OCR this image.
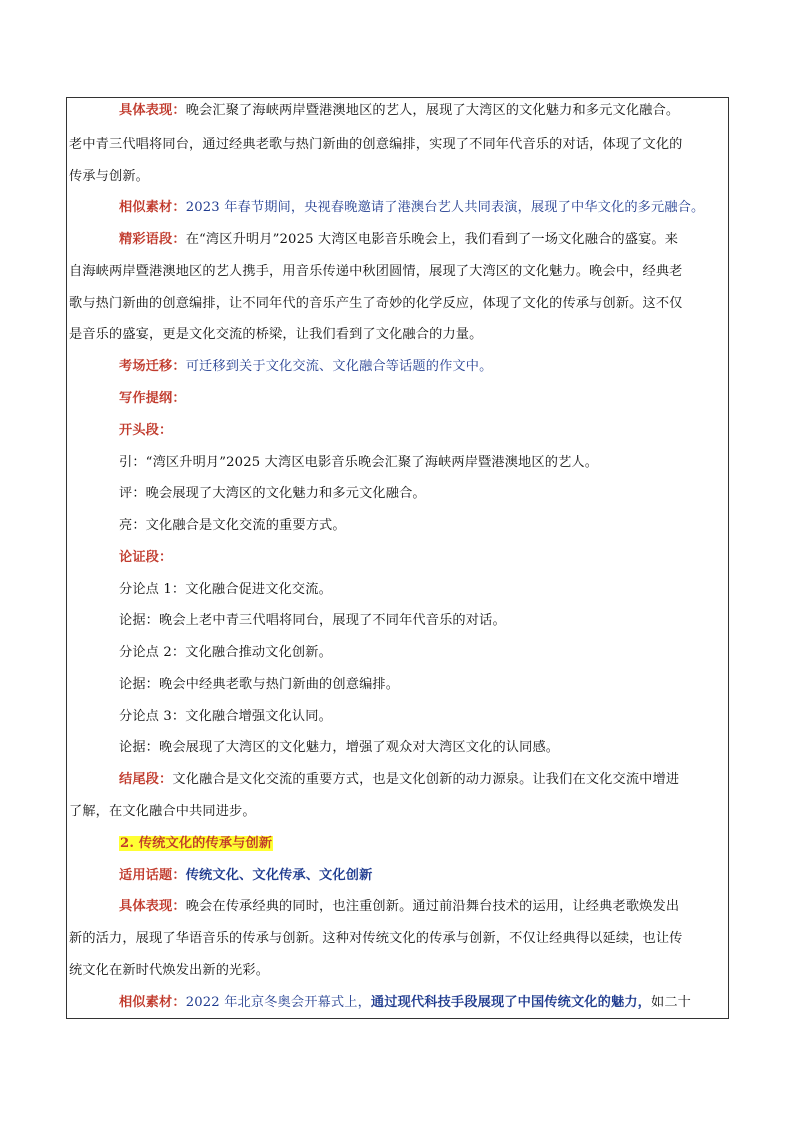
具体表现：晚会汇聚了海峡两岸暨港澳地区的艺人，展现了大湾区的文化魅力和多元文化融合。
老中青三代唱将同台，通过经典老歌与热门新曲的创意编排，实现了不同年代音乐的对话，体现了文化的
传承与创新。
相似素材：2023 年春节期间，央视春晚邀请了港澳台艺人共同表演，展现了中华文化的多元融合。
精彩语段：在“湾区升明月”2025 大湾区电影音乐晚会上，我们看到了一场文化融合的盛宴。来
自海峡两岸暨港澳地区的艺人携手，用音乐传递中秋团圆情，展现了大湾区的文化魅力。晚会中，经典老
歌与热门新曲的创意编排，让不同年代的音乐产生了奇妙的化学反应，体现了文化的传承与创新。这不仅
是音乐的盛宴，更是文化交流的桥梁，让我们看到了文化融合的力量。
考场迁移：可迁移到关于文化交流、文化融合等话题的作文中。
写作提纲：
开头段：
引：“湾区升明月”2025 大湾区电影音乐晚会汇聚了海峡两岸暨港澳地区的艺人。
评：晚会展现了大湾区的文化魅力和多元文化融合。
亮：文化融合是文化交流的重要方式。
论证段：
分论点 1：文化融合促进文化交流。
论据：晚会上老中青三代唱将同台，展现了不同年代音乐的对话。
分论点 2：文化融合推动文化创新。
论据：晚会中经典老歌与热门新曲的创意编排。
分论点 3：文化融合增强文化认同。
论据：晚会展现了大湾区的文化魅力，增强了观众对大湾区文化的认同感。
结尾段：文化融合是文化交流的重要方式，也是文化创新的动力源泉。让我们在文化交流中增进
了解，在文化融合中共同进步。
2. 传统文化的传承与创新
适用话题：传统文化、文化传承、文化创新
具体表现：晚会在传承经典的同时，也注重创新。通过前沿舞台技术的运用，让经典老歌焕发出
新的活力，展现了华语音乐的传承与创新。这种对传统文化的传承与创新，不仅让经典得以延续，也让传
统文化在新时代焕发出新的光彩。
相似素材：2022 年北京冬奥会开幕式上，通过现代科技手段展现了中国传统文化的魅力，如二十
